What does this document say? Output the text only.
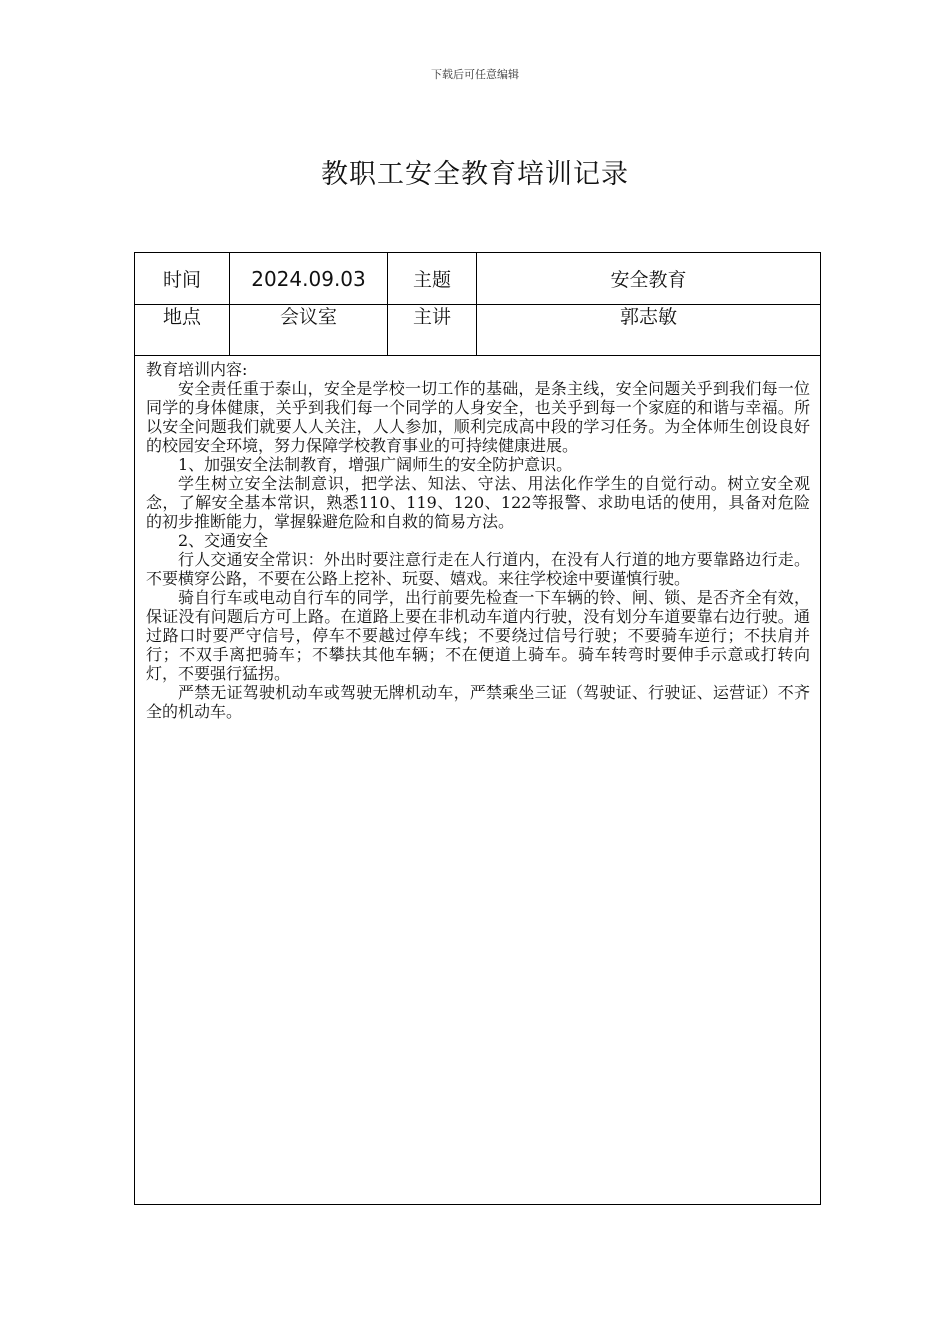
下载后可任意编辑
教职工安全教育培训记录
时间	2024.09.03	主题	安全教育
地点	会议室	主讲	郭志敏

教育培训内容:

安全责任重于泰山，安全是学校一切工作的基础，是条主线，安全问题关乎到我们每一位同学的身体健康，关乎到我们每一个同学的人身安全，也关乎到每一个家庭的和谐与幸福。所以安全问题我们就要人人关注，人人参加，顺利完成高中段的学习任务。为全体师生创设良好的校园安全环境，努力保障学校教育事业的可持续健康进展。

1、加强安全法制教育，增强广阔师生的安全防护意识。

学生树立安全法制意识，把学法、知法、守法、用法化作学生的自觉行动。树立安全观念，了解安全基本常识，熟悉110、119、120、122等报警、求助电话的使用，具备对危险的初步推断能力，掌握躲避危险和自救的简易方法。

2、交通安全

行人交通安全常识：外出时要注意行走在人行道内，在没有人行道的地方要靠路边行走。不要横穿公路，不要在公路上挖补、玩耍、嬉戏。来往学校途中要谨慎行驶。

骑自行车或电动自行车的同学，出行前要先检查一下车辆的铃、闸、锁、是否齐全有效，保证没有问题后方可上路。在道路上要在非机动车道内行驶，没有划分车道要靠右边行驶。通过路口时要严守信号，停车不要越过停车线；不要绕过信号行驶；不要骑车逆行；不扶肩并行；不双手离把骑车；不攀扶其他车辆；不在便道上骑车。骑车转弯时要伸手示意或打转向灯，不要强行猛拐。

严禁无证驾驶机动车或驾驶无牌机动车，严禁乘坐三证（驾驶证、行驶证、运营证）不齐全的机动车。
